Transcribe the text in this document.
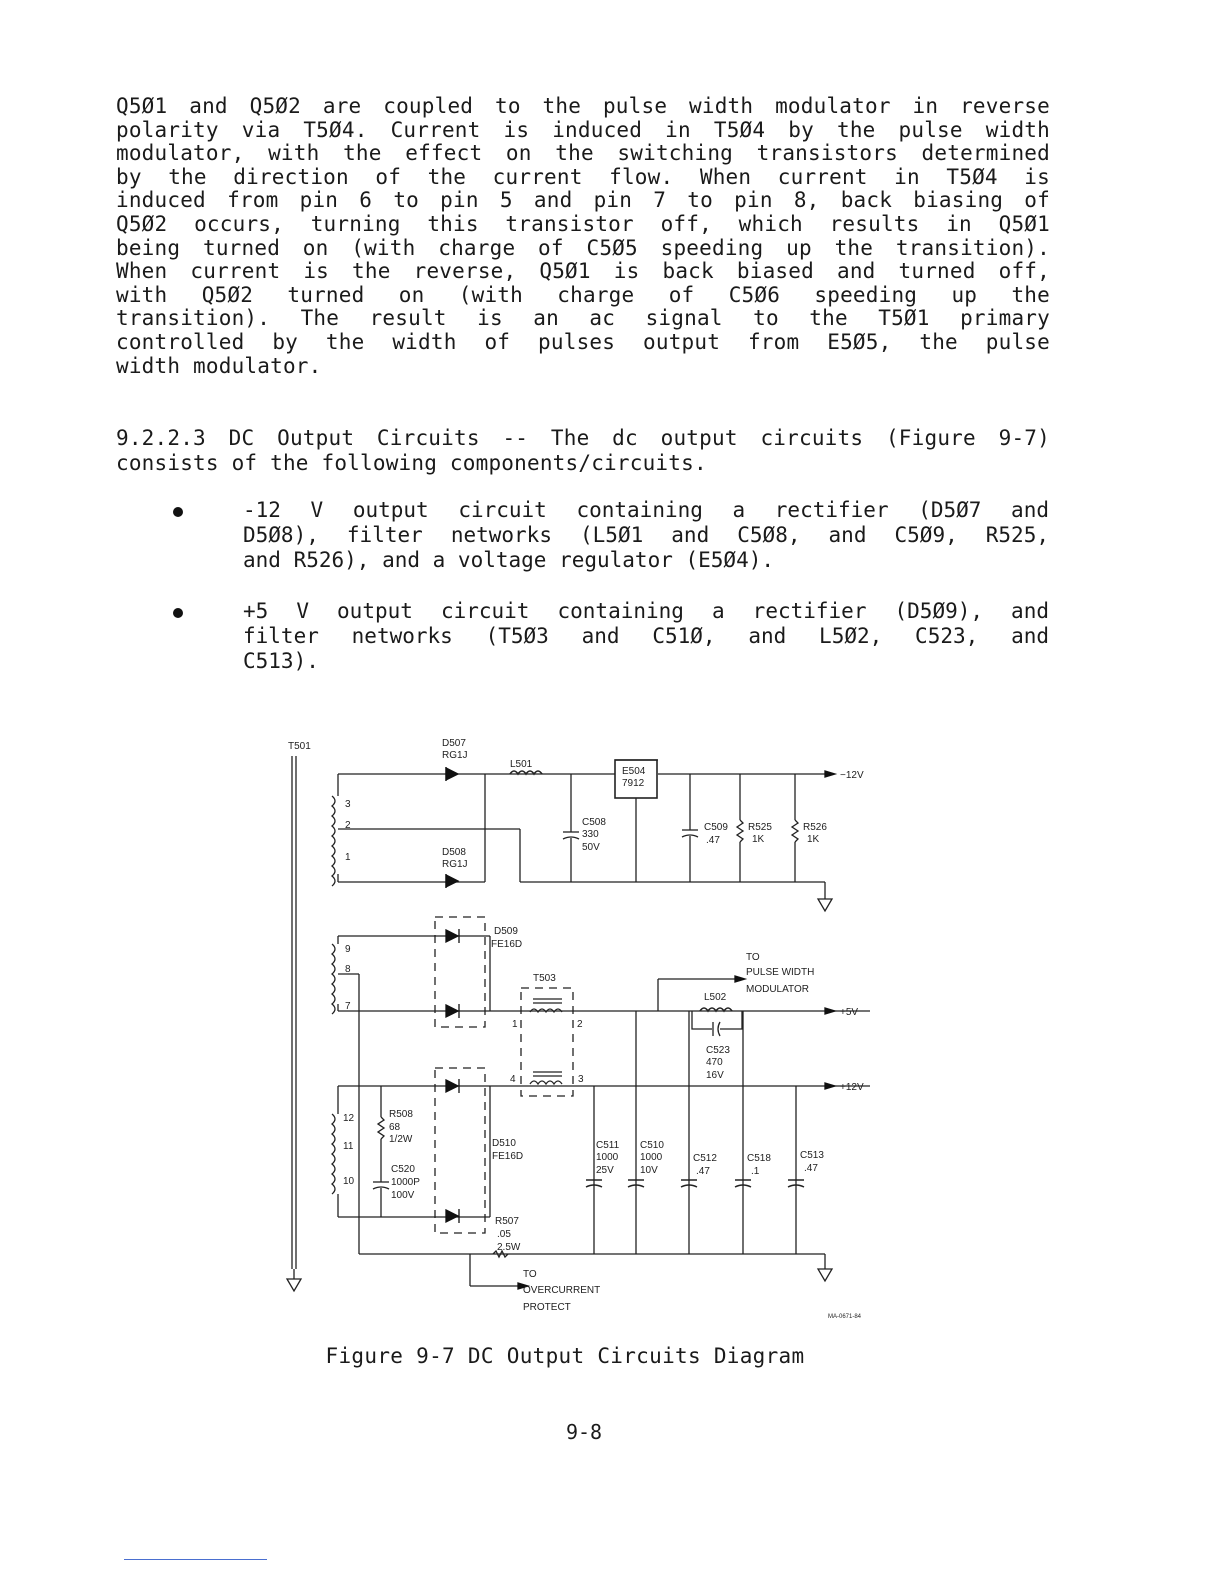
Q5Ø1 and Q5Ø2 are coupled to the pulse width modulator in reverse
polarity via T5Ø4. Current is induced in T5Ø4 by the pulse width
modulator, with the effect on the switching transistors determined
by the direction of the current flow. When current in T5Ø4 is
induced from pin 6 to pin 5 and pin 7 to pin 8, back biasing of
Q5Ø2 occurs, turning this transistor off, which results in Q5Ø1
being turned on (with charge of C5Ø5 speeding up the transition).
When current is the reverse, Q5Ø1 is back biased and turned off,
with Q5Ø2 turned on (with charge of C5Ø6 speeding up the
transition). The result is an ac signal to the T5Ø1 primary
controlled by the width of pulses output from E5Ø5, the pulse
width modulator.
9.2.2.3 DC Output Circuits -- The dc output circuits (Figure 9-7)
consists of the following components/circuits.
-12 V output circuit containing a rectifier (D5Ø7 and
D5Ø8), filter networks (L5Ø1 and C5Ø8, and C5Ø9, R525,
and R526), and a voltage regulator (E5Ø4).
+5 V output circuit containing a rectifier (D5Ø9), and
filter networks (T5Ø3 and C51Ø, and L5Ø2, C523, and
C513).
T501	D507
RG1J
L501
E504
7912
−12V
C508
330
50V
C509
.47
R525
1K
R526
1K
D508
RG1J
3
2
1
9
8
7
12
11
10
D509
FE16D
T503
1	2
3
4
TO
PULSE WIDTH
MODULATOR
L502
+5V
C523
470
16V
+12V
R508
68
1/2W
C520
1000P
100V
D510
FE16D
C511
1000
25V
C510
1000
10V
C512
.47
C518
.1
C513
.47
R507
.05
2.5W
TO
OVERCURRENT
PROTECT
MA-0671-84
Figure 9-7 DC Output Circuits Diagram
9-8
